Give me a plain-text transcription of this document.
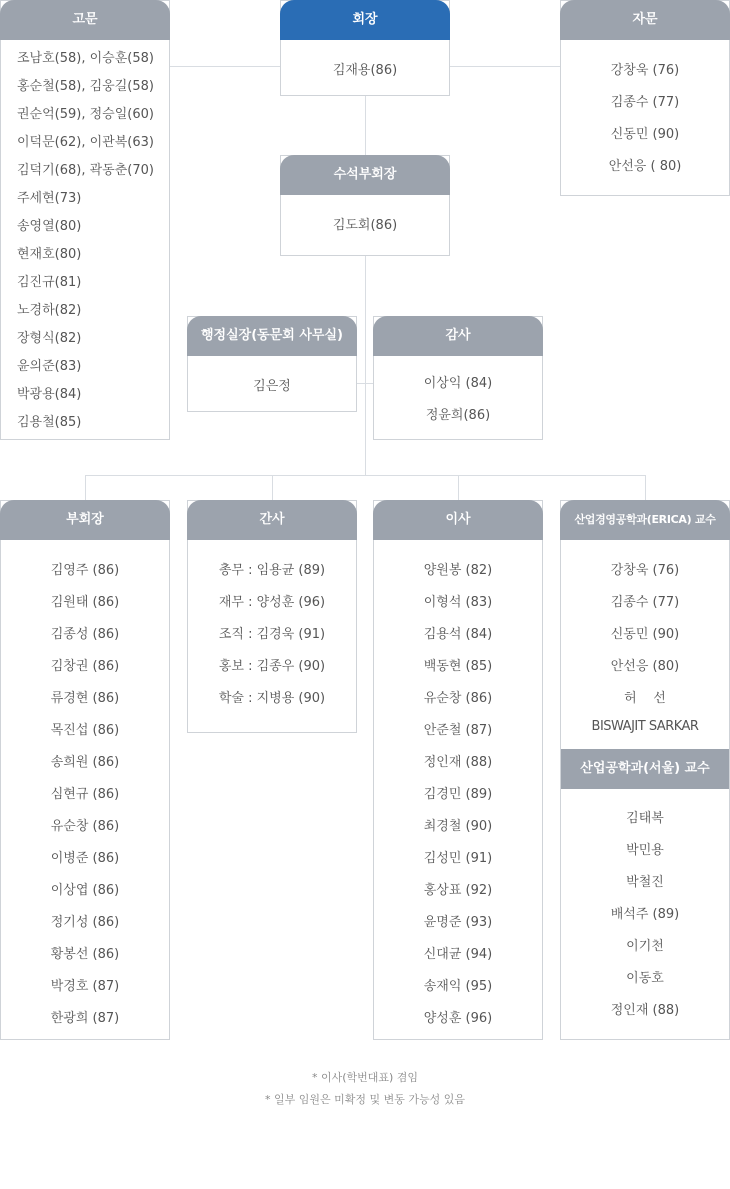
고문
조남호(58), 이승훈(58)
홍순철(58), 김웅길(58)
권순억(59), 정승일(60)
이덕문(62), 이관복(63)
김덕기(68), 곽동춘(70)
주세현(73)
송영열(80)
현재호(80)
김진규(81)
노경하(82)
장형식(82)
윤의준(83)
박광용(84)
김용철(85)
회장
김재용(86)
자문
강창욱 (76)
김종수 (77)
신동민 (90)
안선응 ( 80)
수석부회장
김도회(86)
행정실장(동문회 사무실)
김은정
감사
이상익 (84)
정윤희(86)
부회장
김영주 (86)
김원태 (86)
김종성 (86)
김창권 (86)
류경현 (86)
목진섭 (86)
송희원 (86)
심현규 (86)
유순창 (86)
이병준 (86)
이상엽 (86)
정기성 (86)
황봉선 (86)
박경호 (87)
한광희 (87)
간사
총무 : 임용균 (89)
재무 : 양성훈 (96)
조직 : 김경욱 (91)
홍보 : 김종우 (90)
학술 : 지병용 (90)
이사
양원봉 (82)
이형석 (83)
김용석 (84)
백동현 (85)
유순창 (86)
안준철 (87)
정인재 (88)
김경민 (89)
최경철 (90)
김성민 (91)
홍상표 (92)
윤명준 (93)
신대균 (94)
송재익 (95)
양성훈 (96)
산업경영공학과(ERICA) 교수
강창욱 (76)
김종수 (77)
신동민 (90)
안선응 (80)
허    선
BISWAJIT SARKAR
산업공학과(서울) 교수
김태복
박민용
박철진
배석주 (89)
이기천
이동호
정인재 (88)
* 이사(학번대표) 겸임
* 일부 임원은 미확정 및 변동 가능성 있음
